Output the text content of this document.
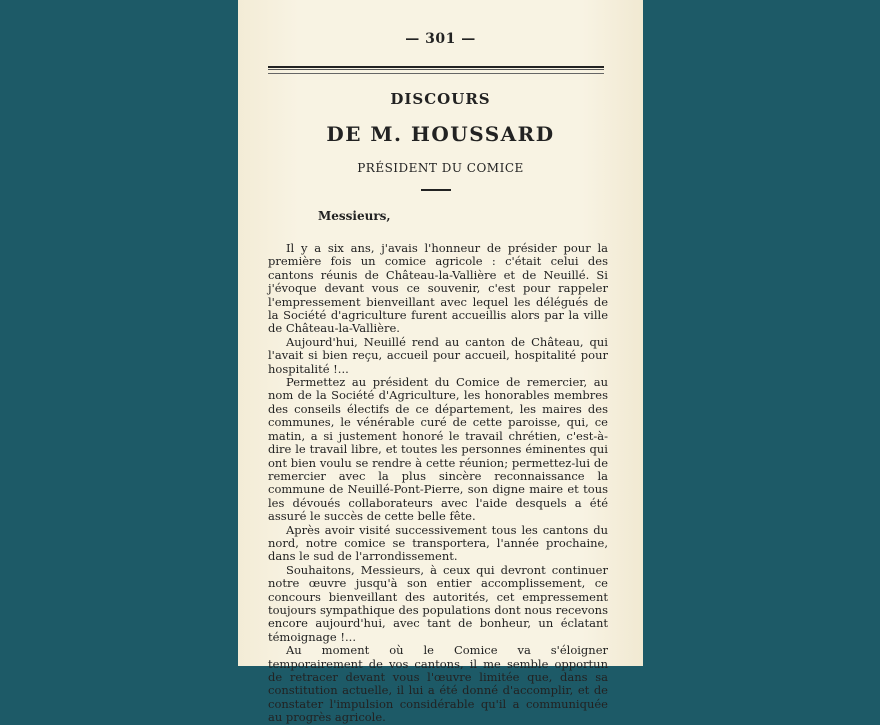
— 301 —
DISCOURS
DE M. HOUSSARD
PRÉSIDENT DU COMICE
Messieurs,

Il y a six ans, j'avais l'honneur de présider pour la première fois un comice agricole : c'était celui des cantons réunis de Château-la-Vallière et de Neuillé. Si j'évoque devant vous ce souvenir, c'est pour rappeler l'empressement bienveillant avec lequel les délégués de la Société d'agriculture furent accueillis alors par la ville de Château-la-Vallière.

Aujourd'hui, Neuillé rend au canton de Château, qui l'avait si bien reçu, accueil pour accueil, hospitalité pour hospitalité !...

Permettez au président du Comice de remercier, au nom de la Société d'Agriculture, les honorables membres des conseils électifs de ce département, les maires des communes, le vénérable curé de cette paroisse, qui, ce matin, a si justement honoré le travail chrétien, c'est-à-dire le travail libre, et toutes les personnes éminentes qui ont bien voulu se rendre à cette réunion; permettez-lui de remercier avec la plus sincère reconnaissance la commune de Neuillé-Pont-Pierre, son digne maire et tous les dévoués collaborateurs avec l'aide desquels a été assuré le succès de cette belle fête.

Après avoir visité successivement tous les cantons du nord, notre comice se transportera, l'année prochaine, dans le sud de l'arrondissement.

Souhaitons, Messieurs, à ceux qui devront continuer notre œuvre jusqu'à son entier accomplissement, ce concours bienveillant des autorités, cet empressement toujours sympathique des populations dont nous recevons encore aujourd'hui, avec tant de bonheur, un éclatant témoignage !...

Au moment où le Comice va s'éloigner temporairement de vos cantons, il me semble opportun de retracer devant vous l'œuvre limitée que, dans sa constitution actuelle, il lui a été donné d'accomplir, et de constater l'impulsion considérable qu'il a communiquée au progrès agricole.
